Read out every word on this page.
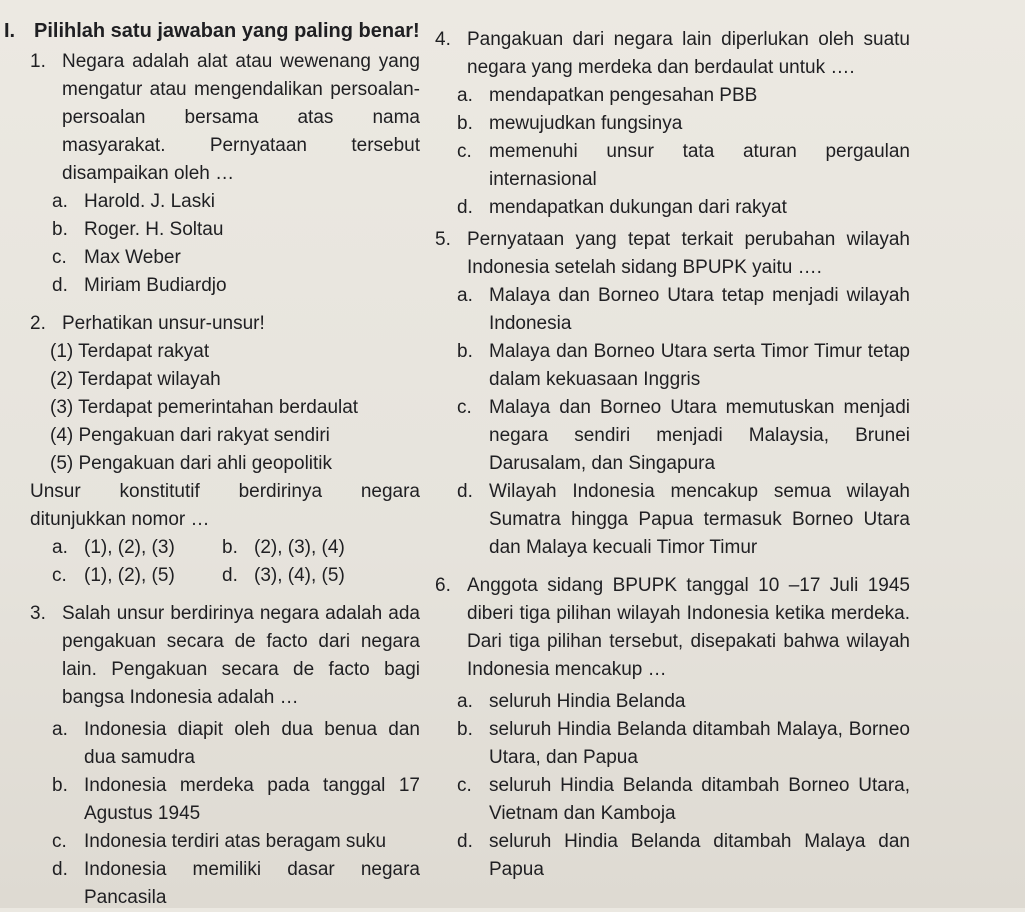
I. Pilihlah satu jawaban yang paling benar!
1. Negara adalah alat atau wewenang yang mengatur atau mengendalikan persoalan-persoalan bersama atas nama masyarakat. Pernyataan tersebut disampaikan oleh …
a. Harold. J. Laski
b. Roger. H. Soltau
c. Max Weber
d. Miriam Budiardjo
2. Perhatikan unsur-unsur!
(1) Terdapat rakyat
(2) Terdapat wilayah
(3) Terdapat pemerintahan berdaulat
(4) Pengakuan dari rakyat sendiri
(5) Pengakuan dari ahli geopolitik
Unsur konstitutif berdirinya negara ditunjukkan nomor …
a. (1), (2), (3)	b. (2), (3), (4)
c. (1), (2), (5)	d. (3), (4), (5)
3. Salah unsur berdirinya negara adalah ada pengakuan secara de facto dari negara lain. Pengakuan secara de facto bagi bangsa Indonesia adalah …
a. Indonesia diapit oleh dua benua dan dua samudra
b. Indonesia merdeka pada tanggal 17 Agustus 1945
c. Indonesia terdiri atas beragam suku
d. Indonesia memiliki dasar negara Pancasila
4. Pangakuan dari negara lain diperlukan oleh suatu negara yang merdeka dan berdaulat untuk ….
a. mendapatkan pengesahan PBB
b. mewujudkan fungsinya
c. memenuhi unsur tata aturan pergaulan internasional
d. mendapatkan dukungan dari rakyat
5. Pernyataan yang tepat terkait perubahan wilayah Indonesia setelah sidang BPUPK yaitu ….
a. Malaya dan Borneo Utara tetap menjadi wilayah Indonesia
b. Malaya dan Borneo Utara serta Timor Timur tetap dalam kekuasaan Inggris
c. Malaya dan Borneo Utara memutuskan menjadi negara sendiri menjadi Malaysia, Brunei Darusalam, dan Singapura
d. Wilayah Indonesia mencakup semua wilayah Sumatra hingga Papua termasuk Borneo Utara dan Malaya kecuali Timor Timur
6. Anggota sidang BPUPK tanggal 10 –17 Juli 1945 diberi tiga pilihan wilayah Indonesia ketika merdeka. Dari tiga pilihan tersebut, disepakati bahwa wilayah Indonesia mencakup …
a. seluruh Hindia Belanda
b. seluruh Hindia Belanda ditambah Malaya, Borneo Utara, dan Papua
c. seluruh Hindia Belanda ditambah Borneo Utara, Vietnam dan Kamboja
d. seluruh Hindia Belanda ditambah Malaya dan Papua
